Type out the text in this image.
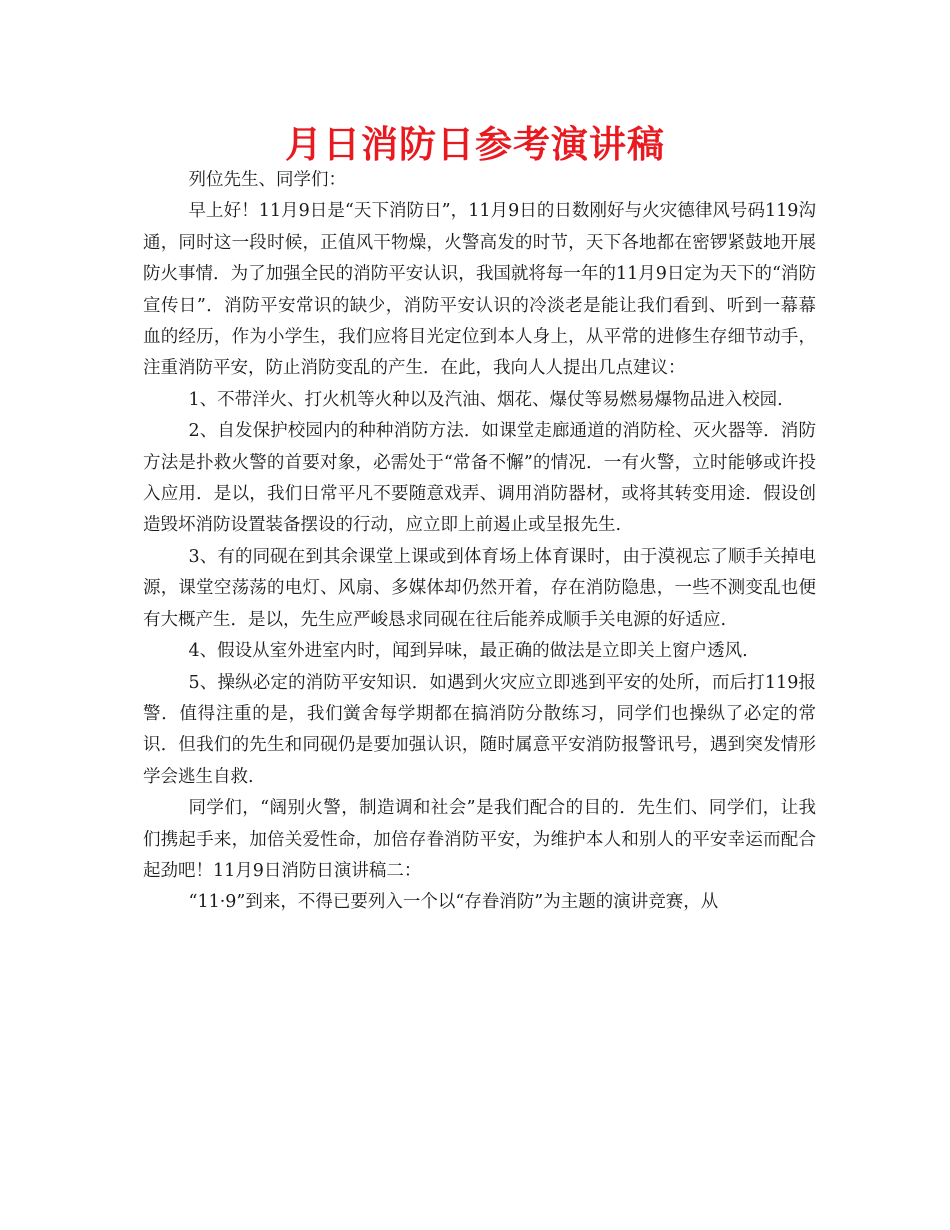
月日消防日参考演讲稿

列位先生、同学们：

早上好！11月9日是“天下消防日”，11月9日的日数刚好与火灾德律风号码119沟通，同时这一段时候，正值风干物燥，火警高发的时节，天下各地都在密锣紧鼓地开展防火事情．为了加强全民的消防平安认识，我国就将每一年的11月9日定为天下的“消防宣传日”．消防平安常识的缺少，消防平安认识的冷淡老是能让我们看到、听到一幕幕血的经历，作为小学生，我们应将目光定位到本人身上，从平常的进修生存细节动手，注重消防平安，防止消防变乱的产生．在此，我向人人提出几点建议：

1、不带洋火、打火机等火种以及汽油、烟花、爆仗等易燃易爆物品进入校园.

2、自发保护校园内的种种消防方法．如课堂走廊通道的消防栓、灭火器等．消防方法是扑救火警的首要对象，必需处于“常备不懈”的情况．一有火警，立时能够或许投入应用．是以，我们日常平凡不要随意戏弄、调用消防器材，或将其转变用途．假设创造毁坏消防设置装备摆设的行动，应立即上前遏止或呈报先生.

3、有的同砚在到其余课堂上课或到体育场上体育课时，由于漠视忘了顺手关掉电源，课堂空荡荡的电灯、风扇、多媒体却仍然开着，存在消防隐患，一些不测变乱也便有大概产生．是以，先生应严峻恳求同砚在往后能养成顺手关电源的好适应.

4、假设从室外进室内时，闻到异味，最正确的做法是立即关上窗户透风.

5、操纵必定的消防平安知识．如遇到火灾应立即逃到平安的处所，而后打119报警．值得注重的是，我们黉舍每学期都在搞消防分散练习，同学们也操纵了必定的常识．但我们的先生和同砚仍是要加强认识，随时属意平安消防报警讯号，遇到突发情形学会逃生自救.

同学们，“阔别火警，制造调和社会”是我们配合的目的．先生们、同学们，让我们携起手来，加倍关爱性命，加倍存眷消防平安，为维护本人和别人的平安幸运而配合起劲吧！11月9日消防日演讲稿二：

“11·9”到来，不得已要列入一个以“存眷消防”为主题的演讲竞赛，从
